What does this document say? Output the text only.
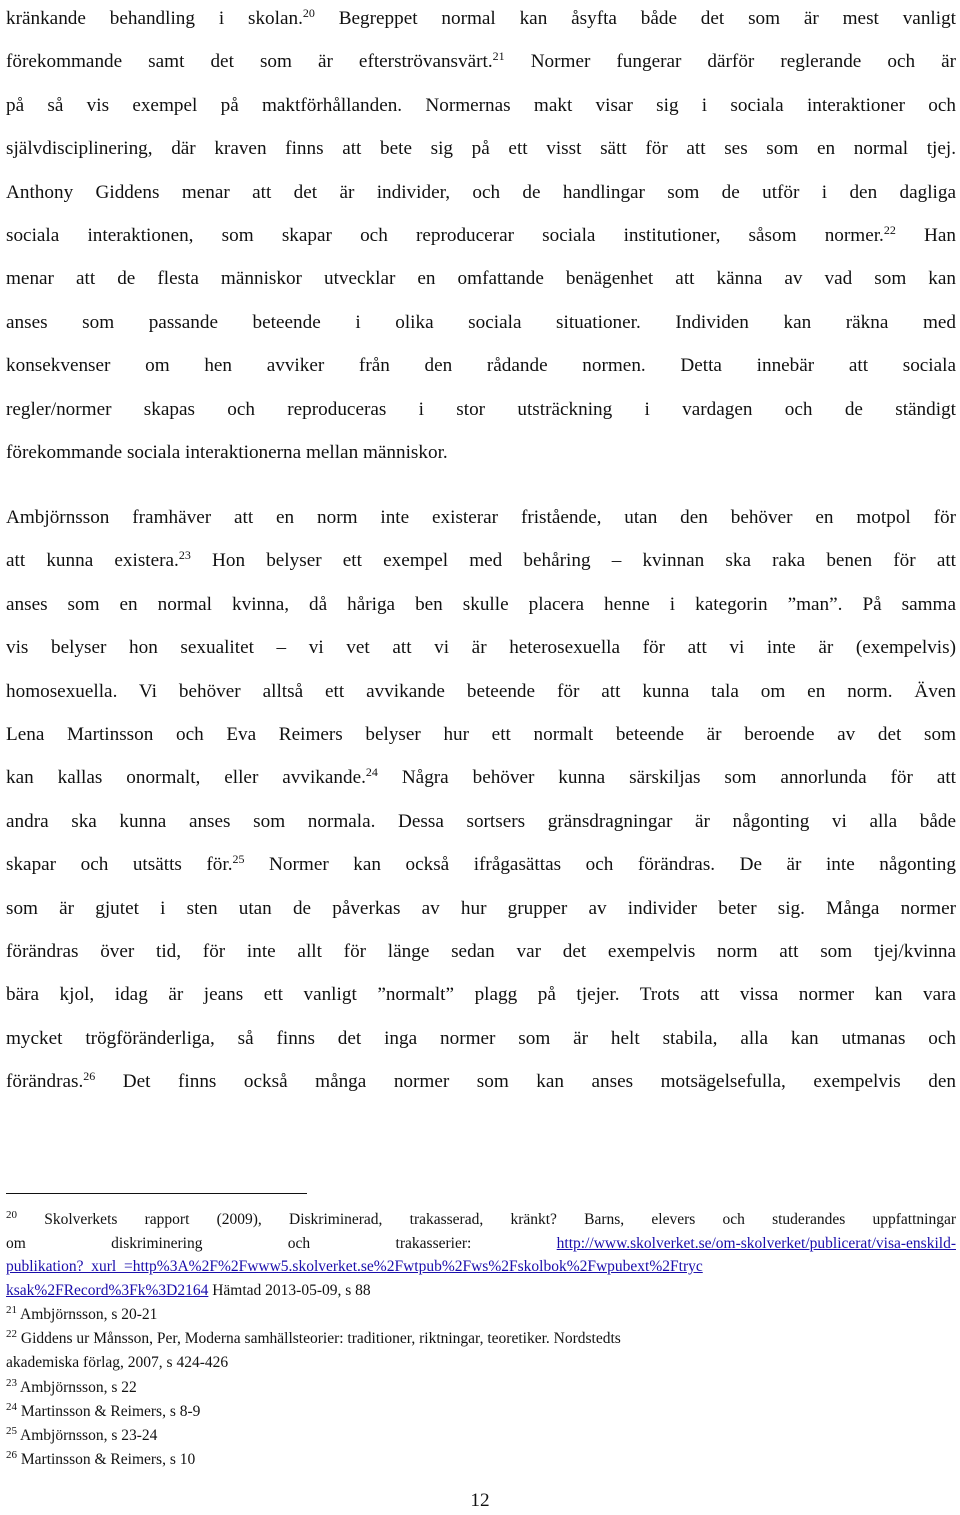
kränkande behandling i skolan.$^{20}$ Begreppet normal kan åsyfta både det som är mest vanligt
förekommande samt det som är efterströvansvärt.$^{21}$ Normer fungerar därför reglerande och är
på så vis exempel på maktförhållanden. Normernas makt visar sig i sociala interaktioner och
självdisciplinering, där kraven finns att bete sig på ett visst sätt för att ses som en normal tjej.
Anthony Giddens menar att det är individer, och de handlingar som de utför i den dagliga
sociala interaktionen, som skapar och reproducerar sociala institutioner, såsom normer.$^{22}$ Han
menar att de flesta människor utvecklar en omfattande benägenhet att känna av vad som kan
anses som passande beteende i olika sociala situationer. Individen kan räkna med
konsekvenser om hen avviker från den rådande normen. Detta innebär att sociala
regler/normer skapas och reproduceras i stor utsträckning i vardagen och de ständigt
förekommande sociala interaktionerna mellan människor.
Ambjörnsson framhäver att en norm inte existerar fristående, utan den behöver en motpol för
att kunna existera.$^{23}$ Hon belyser ett exempel med behåring – kvinnan ska raka benen för att
anses som en normal kvinna, då håriga ben skulle placera henne i kategorin ”man”. På samma
vis belyser hon sexualitet – vi vet att vi är heterosexuella för att vi inte är (exempelvis)
homosexuella. Vi behöver alltså ett avvikande beteende för att kunna tala om en norm. Även
Lena Martinsson och Eva Reimers belyser hur ett normalt beteende är beroende av det som
kan kallas onormalt, eller avvikande.$^{24}$ Några behöver kunna särskiljas som annorlunda för att
andra ska kunna anses som normala. Dessa sortsers gränsdragningar är någonting vi alla både
skapar och utsätts för.$^{25}$ Normer kan också ifrågasättas och förändras. De är inte någonting
som är gjutet i sten utan de påverkas av hur grupper av individer beter sig. Många normer
förändras över tid, för inte allt för länge sedan var det exempelvis norm att som tjej/kvinna
bära kjol, idag är jeans ett vanligt ”normalt” plagg på tjejer. Trots att vissa normer kan vara
mycket trögföränderliga, så finns det inga normer som är helt stabila, alla kan utmanas och
förändras.$^{26}$ Det finns också många normer som kan anses motsägelsefulla, exempelvis den
$^{20}$ Skolverkets rapport (2009), Diskriminerad, trakasserad, kränkt? Barns, elevers och studerandes uppfattningar
om diskriminering och trakasserier:	http://www.skolverket.se/om-skolverket/publicerat/visa-enskild-
publikation?_xurl_=http%3A%2F%2Fwww5.skolverket.se%2Fwtpub%2Fws%2Fskolbok%2Fwpubext%2Ftryc
ksak%2FRecord%3Fk%3D2164 Hämtad 2013-05-09, s 88
$^{21}$ Ambjörnsson, s 20-21
$^{22}$ Giddens ur Månsson, Per, Moderna samhällsteorier: traditioner, riktningar, teoretiker. Nordstedts
akademiska förlag, 2007, s 424-426
$^{23}$ Ambjörnsson, s 22
$^{24}$ Martinsson & Reimers, s 8-9
$^{25}$ Ambjörnsson, s 23-24
$^{26}$ Martinsson & Reimers, s 10
12
